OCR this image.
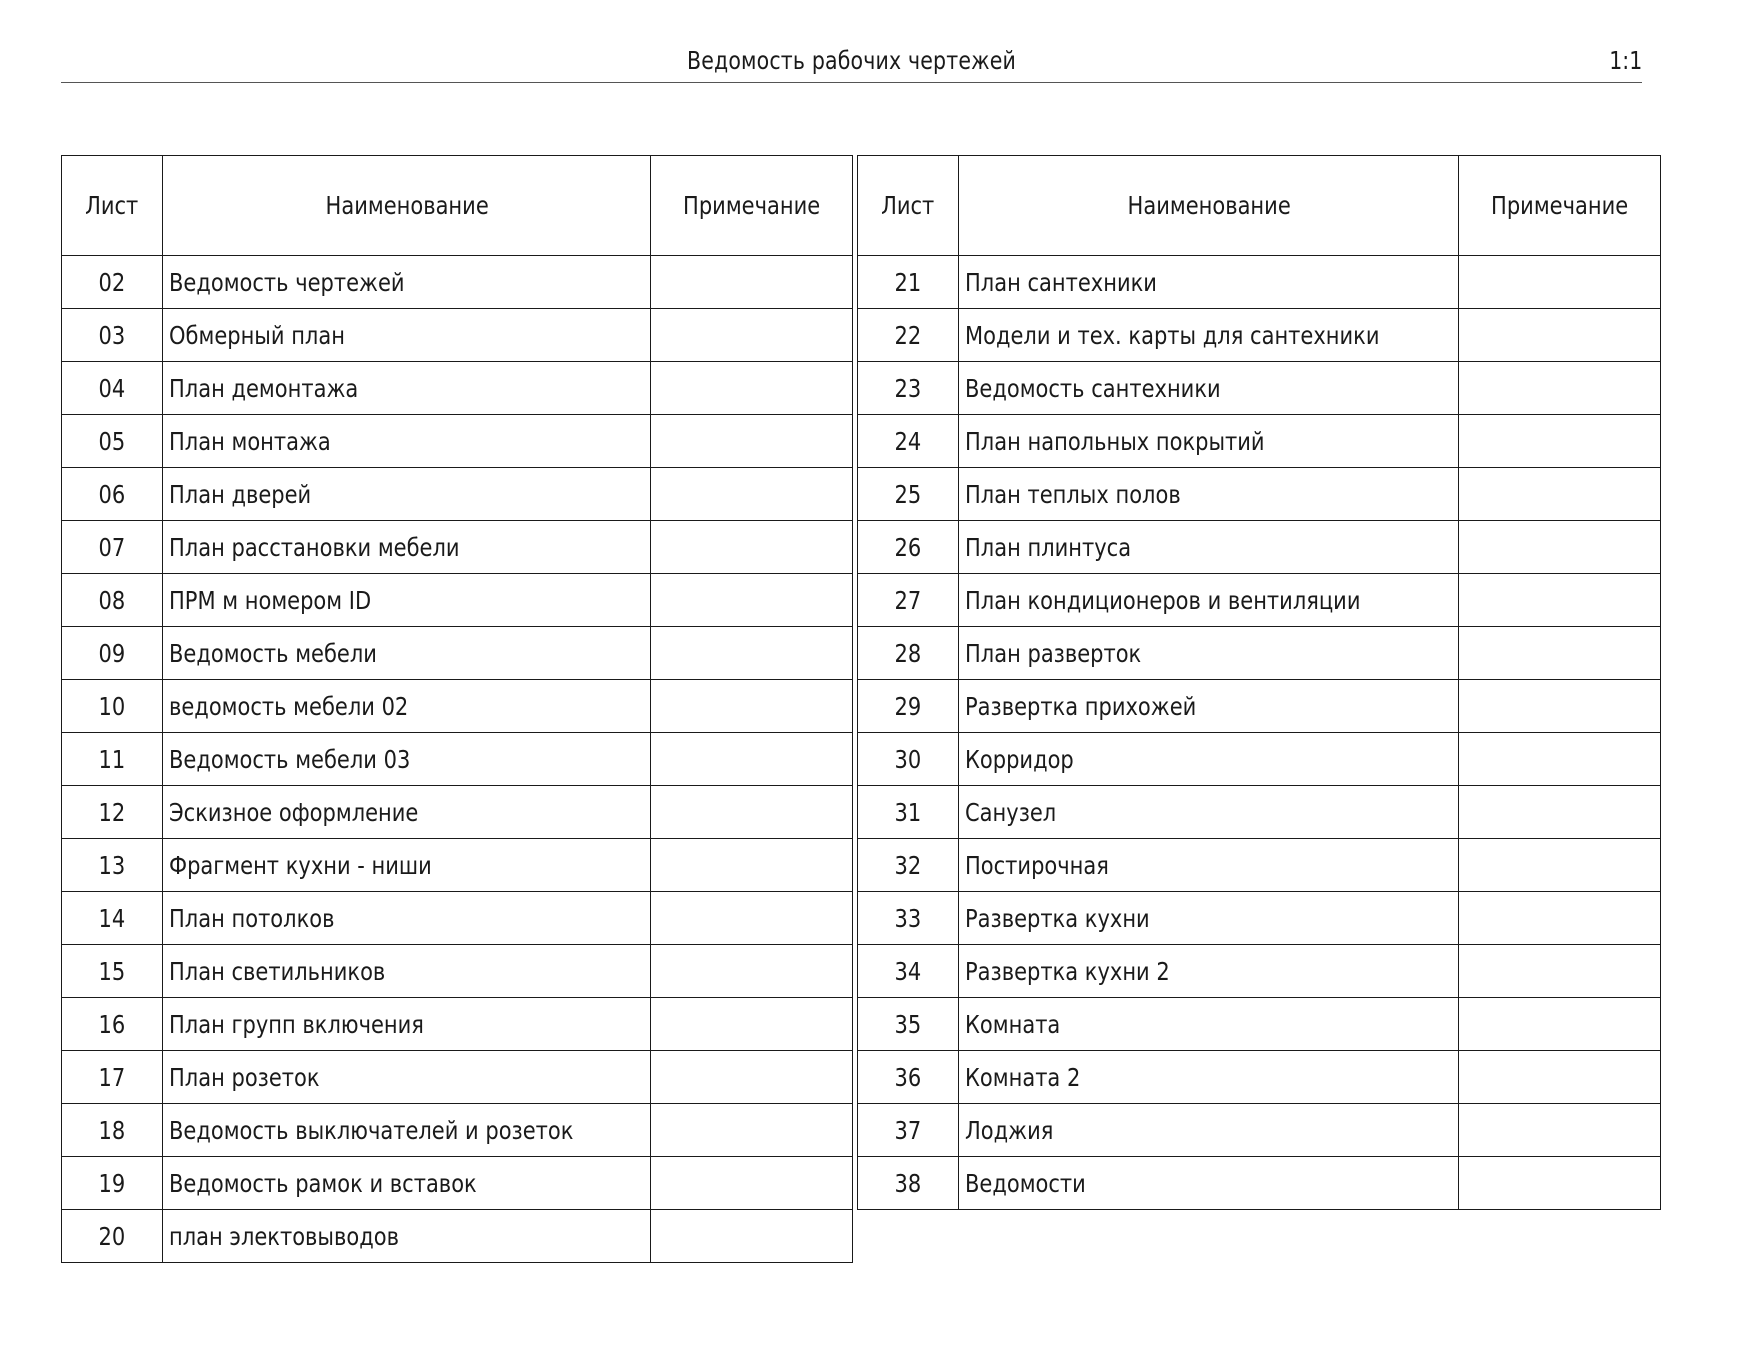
Ведомость рабочих чертежей	1:1
Лист	Наименование	Примечание
02	Ведомость чертежей	
03	Обмерный план	
04	План демонтажа	
05	План монтажа	
06	План дверей	
07	План расстановки мебели	
08	ПРМ м номером ID	
09	Ведомость мебели	
10	ведомость мебели 02	
11	Ведомость мебели 03	
12	Эскизное оформление	
13	Фрагмент кухни - ниши	
14	План потолков	
15	План светильников	
16	План групп включения	
17	План розеток	
18	Ведомость выключателей и розеток	
19	Ведомость рамок и вставок	
20	план электовыводов	
Лист	Наименование	Примечание
21	План сантехники	
22	Модели и тех. карты для сантехники	
23	Ведомость сантехники	
24	План напольных покрытий	
25	План теплых полов	
26	План плинтуса	
27	План кондиционеров и вентиляции	
28	План разверток	
29	Развертка прихожей	
30	Корридор	
31	Санузел	
32	Постирочная	
33	Развертка кухни	
34	Развертка кухни 2	
35	Комната	
36	Комната 2	
37	Лоджия	
38	Ведомости	
